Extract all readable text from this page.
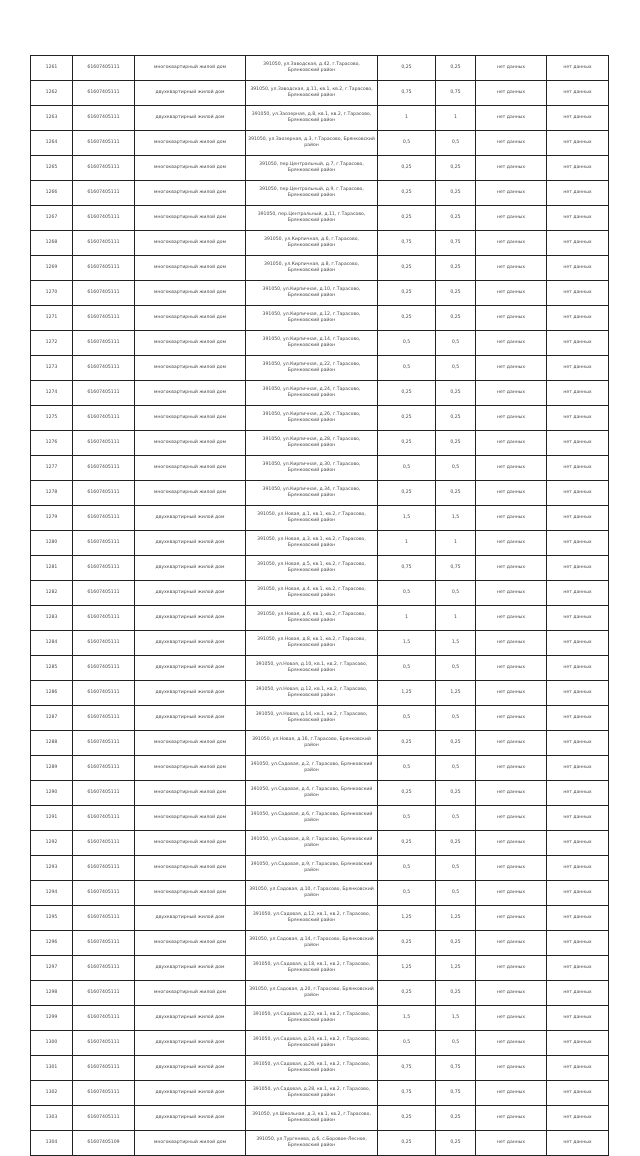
1261	61607405111	многоквартирный жилой дом	391050, ул.Заводская, д.42, г.Тарасово, Брянковский район	0,25	0,25	нет данных	нет данных
1262	61607405111	двухквартирный жилой дом	391050, ул.Заводская, д.11, кв.1, кв.2, г.Тарасово, Брянковский район	0,75	0,75	нет данных	нет данных
1263	61607405111	двухквартирный жилой дом	391050, ул.Заозерная, д.8, кв.1, кв.2, г.Тарасово, Брянковский район	1	1	нет данных	нет данных
1264	61607405111	многоквартирный жилой дом	391050, ул.Заозерная, д.3, г.Тарасово, Брянковский район	0,5	0,5	нет данных	нет данных
1265	61607405111	многоквартирный жилой дом	391050, пер.Центральный, д.7, г.Тарасово, Брянковский район	0,25	0,25	нет данных	нет данных
1266	61607405111	многоквартирный жилой дом	391050, пер.Центральный, д.9, г.Тарасово, Брянковский район	0,25	0,25	нет данных	нет данных
1267	61607405111	многоквартирный жилой дом	391050, пер.Центральный, д.11, г.Тарасово, Брянковский район	0,25	0,25	нет данных	нет данных
1268	61607405111	многоквартирный жилой дом	391050, ул.Кирпичная, д.6, г.Тарасово, Брянковский район	0,75	0,75	нет данных	нет данных
1269	61607405111	многоквартирный жилой дом	391050, ул.Кирпичная, д.8, г.Тарасово, Брянковский район	0,25	0,25	нет данных	нет данных
1270	61607405111	многоквартирный жилой дом	391050, ул.Кирпичная, д.10, г.Тарасово, Брянковский район	0,25	0,25	нет данных	нет данных
1271	61607405111	многоквартирный жилой дом	391050, ул.Кирпичная, д.12, г.Тарасово, Брянковский район	0,25	0,25	нет данных	нет данных
1272	61607405111	многоквартирный жилой дом	391050, ул.Кирпичная, д.14, г.Тарасово, Брянковский район	0,5	0,5	нет данных	нет данных
1273	61607405111	многоквартирный жилой дом	391050, ул.Кирпичная, д.22, г.Тарасово, Брянковский район	0,5	0,5	нет данных	нет данных
1274	61607405111	многоквартирный жилой дом	391050, ул.Кирпичная, д.24, г.Тарасово, Брянковский район	0,25	0,25	нет данных	нет данных
1275	61607405111	многоквартирный жилой дом	391050, ул.Кирпичная, д.26, г.Тарасово, Брянковский район	0,25	0,25	нет данных	нет данных
1276	61607405111	многоквартирный жилой дом	391050, ул.Кирпичная, д.28, г.Тарасово, Брянковский район	0,25	0,25	нет данных	нет данных
1277	61607405111	многоквартирный жилой дом	391050, ул.Кирпичная, д.30, г.Тарасово, Брянковский район	0,5	0,5	нет данных	нет данных
1278	61607405111	многоквартирный жилой дом	391050, ул.Кирпичная, д.34, г.Тарасово, Брянковский район	0,25	0,25	нет данных	нет данных
1279	61607405111	двухквартирный жилой дом	391050, ул.Новая, д.1, кв.1, кв.2, г.Тарасово, Брянковский район	1,5	1,5	нет данных	нет данных
1280	61607405111	двухквартирный жилой дом	391050, ул.Новая, д.3, кв.1, кв.2, г.Тарасово, Брянковский район	1	1	нет данных	нет данных
1281	61607405111	двухквартирный жилой дом	391050, ул.Новая, д.5, кв.1, кв.2, г.Тарасово, Брянковский район	0,75	0,75	нет данных	нет данных
1282	61607405111	двухквартирный жилой дом	391050, ул.Новая, д.4, кв.1, кв.2, г.Тарасово, Брянковский район	0,5	0,5	нет данных	нет данных
1283	61607405111	двухквартирный жилой дом	391050, ул.Новая, д.6, кв.1, кв.2, г.Тарасово, Брянковский район	1	1	нет данных	нет данных
1284	61607405111	двухквартирный жилой дом	391050, ул.Новая, д.8, кв.1, кв.2, г.Тарасово, Брянковский район	1,5	1,5	нет данных	нет данных
1285	61607405111	двухквартирный жилой дом	391050, ул.Новая, д.10, кв.1, кв.2, г.Тарасово, Брянковский район	0,5	0,5	нет данных	нет данных
1286	61607405111	двухквартирный жилой дом	391050, ул.Новая, д.12, кв.1, кв.2, г.Тарасово, Брянковский район	1,25	1,25	нет данных	нет данных
1287	61607405111	двухквартирный жилой дом	391050, ул.Новая, д.14, кв.1, кв.2, г.Тарасово, Брянковский район	0,5	0,5	нет данных	нет данных
1288	61607405111	многоквартирный жилой дом	391050, ул.Новая, д.16, г.Тарасово, Брянковский район	0,25	0,25	нет данных	нет данных
1289	61607405111	многоквартирный жилой дом	391050, ул.Садовая, д.2, г.Тарасово, Брянковский район	0,5	0,5	нет данных	нет данных
1290	61607405111	многоквартирный жилой дом	391050, ул.Садовая, д.4, г.Тарасово, Брянковский район	0,25	0,25	нет данных	нет данных
1291	61607405111	многоквартирный жилой дом	391050, ул.Садовая, д.6, г.Тарасово, Брянковский район	0,5	0,5	нет данных	нет данных
1292	61607405111	многоквартирный жилой дом	391050, ул.Садовая, д.8, г.Тарасово, Брянковский район	0,25	0,25	нет данных	нет данных
1293	61607405111	многоквартирный жилой дом	391050, ул.Садовая, д.9, г.Тарасово, Брянковский район	0,5	0,5	нет данных	нет данных
1294	61607405111	многоквартирный жилой дом	391050, ул.Садовая, д.10, г.Тарасово, Брянковский район	0,5	0,5	нет данных	нет данных
1295	61607405111	двухквартирный жилой дом	391050, ул.Садовая, д.12, кв.1, кв.2, г.Тарасово, Брянковский район	1,25	1,25	нет данных	нет данных
1296	61607405111	многоквартирный жилой дом	391050, ул.Садовая, д.14, г.Тарасово, Брянковский район	0,25	0,25	нет данных	нет данных
1297	61607405111	двухквартирный жилой дом	391050, ул.Садовая, д.18, кв.1, кв.2, г.Тарасово, Брянковский район	1,25	1,25	нет данных	нет данных
1298	61607405111	многоквартирный жилой дом	391050, ул.Садовая, д.20, г.Тарасово, Брянковский район	0,25	0,25	нет данных	нет данных
1299	61607405111	двухквартирный жилой дом	391050, ул.Садовая, д.22, кв.1, кв.2, г.Тарасово, Брянковский район	1,5	1,5	нет данных	нет данных
1300	61607405111	двухквартирный жилой дом	391050, ул.Садовая, д.24, кв.1, кв.2, г.Тарасово, Брянковский район	0,5	0,5	нет данных	нет данных
1301	61607405111	двухквартирный жилой дом	391050, ул.Садовая, д.26, кв.1, кв.2, г.Тарасово, Брянковский район	0,75	0,75	нет данных	нет данных
1302	61607405111	двухквартирный жилой дом	391050, ул.Садовая, д.28, кв.1, кв.2, г.Тарасово, Брянковский район	0,75	0,75	нет данных	нет данных
1303	61607405111	двухквартирный жилой дом	391050, ул.Школьная, д.3, кв.1, кв.2, г.Тарасово, Брянковский район	0,25	0,25	нет данных	нет данных
1304	61607405109	многоквартирный жилой дом	391050, ул.Тургенева, д.6, с.Боровое-Лесное, Брянковский район	0,25	0,25	нет данных	нет данных
